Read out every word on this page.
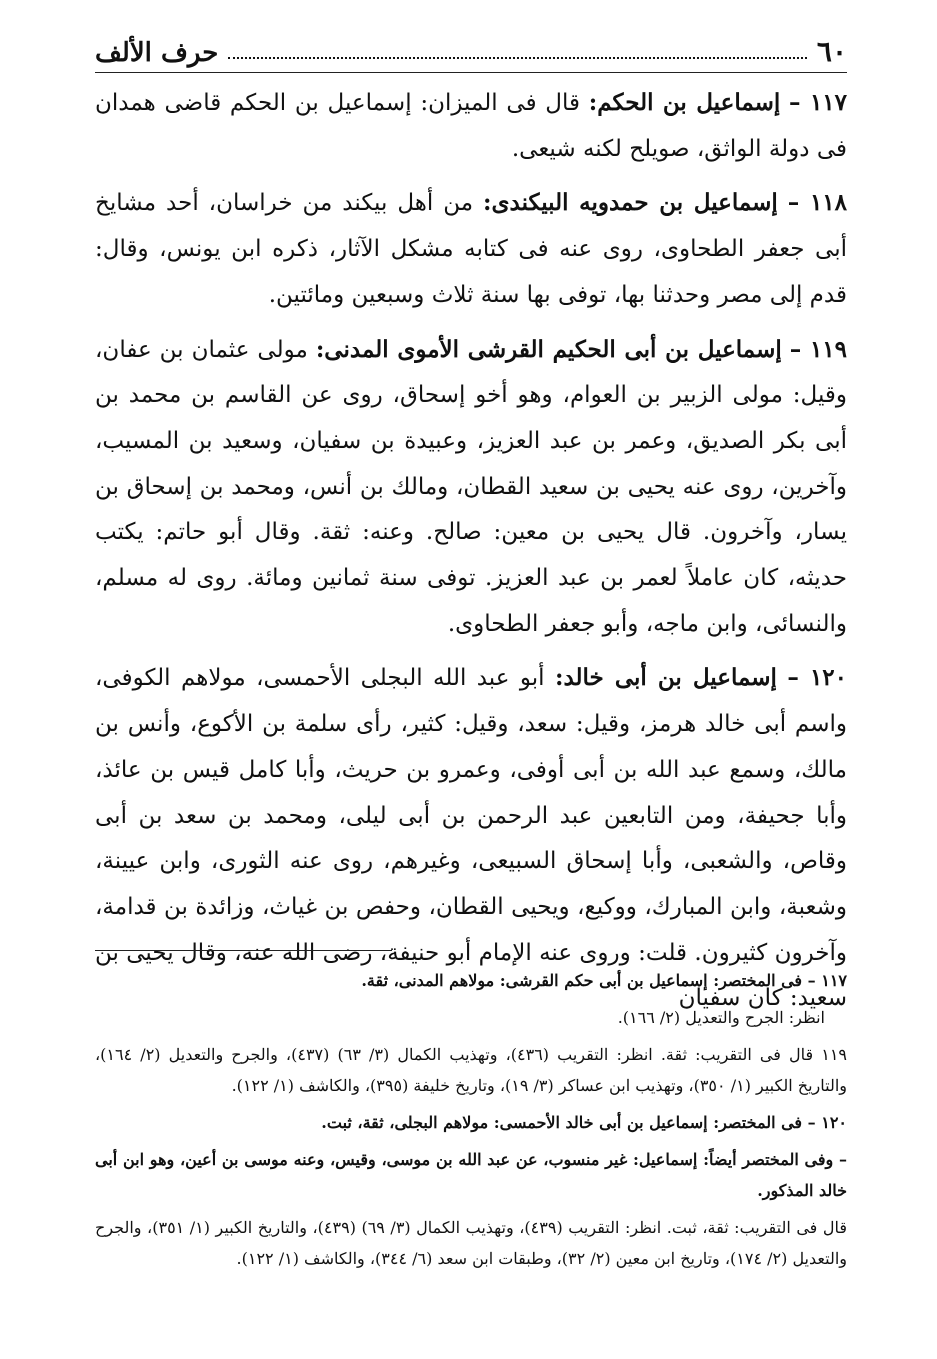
٦٠
حرف الألف

١١٧ – إسماعيل بن الحكم: قال فى الميزان: إسماعيل بن الحكم قاضى همدان فى دولة الواثق، صويلح لكنه شيعى.

١١٨ – إسماعيل بن حمدويه البيكندى: من أهل بيكند من خراسان، أحد مشايخ أبى جعفر الطحاوى، روى عنه فى كتابه مشكل الآثار، ذكره ابن يونس، وقال: قدم إلى مصر وحدثنا بها، توفى بها سنة ثلاث وسبعين ومائتين.

١١٩ – إسماعيل بن أبى الحكيم القرشى الأموى المدنى: مولى عثمان بن عفان، وقيل: مولى الزبير بن العوام، وهو أخو إسحاق، روى عن القاسم بن محمد بن أبى بكر الصديق، وعمر بن عبد العزيز، وعبيدة بن سفيان، وسعيد بن المسيب، وآخرين، روى عنه يحيى بن سعيد القطان، ومالك بن أنس، ومحمد بن إسحاق بن يسار، وآخرون. قال يحيى بن معين: صالح. وعنه: ثقة. وقال أبو حاتم: يكتب حديثه، كان عاملاً لعمر بن عبد العزيز. توفى سنة ثمانين ومائة. روى له مسلم، والنسائى، وابن ماجه، وأبو جعفر الطحاوى.

١٢٠ – إسماعيل بن أبى خالد: أبو عبد الله البجلى الأحمسى، مولاهم الكوفى، واسم أبى خالد هرمز، وقيل: سعد، وقيل: كثير، رأى سلمة بن الأكوع، وأنس بن مالك، وسمع عبد الله بن أبى أوفى، وعمرو بن حريث، وأبا كامل قيس بن عائذ، وأبا جحيفة، ومن التابعين عبد الرحمن بن أبى ليلى، ومحمد بن سعد بن أبى وقاص، والشعبى، وأبا إسحاق السبيعى، وغيرهم، روى عنه الثورى، وابن عيينة، وشعبة، وابن المبارك، ووكيع، ويحيى القطان، وحفص بن غياث، وزائدة بن قدامة، وآخرون كثيرون. قلت: وروى عنه الإمام أبو حنيفة، رضى الله عنه، وقال يحيى بن سعيد: كان سفيان

١١٧ – فى المختصر: إسماعيل بن أبى حكم القرشى: مولاهم المدنى، ثقة.

انظر: الجرح والتعديل (٢/ ١٦٦).

١١٩ قال فى التقريب: ثقة. انظر: التقريب (٤٣٦)، وتهذيب الكمال (٣/ ٦٣) (٤٣٧)، والجرح والتعديل (٢/ ١٦٤)، والتاريخ الكبير (١/ ٣٥٠)، وتهذيب ابن عساكر (٣/ ١٩)، وتاريخ خليفة (٣٩٥)، والكاشف (١/ ١٢٢).

١٢٠ – فى المختصر: إسماعيل بن أبى خالد الأحمسى: مولاهم البجلى، ثقة، ثبت.

– وفى المختصر أيضاً: إسماعيل: غير منسوب، عن عبد الله بن موسى، وقيس، وعنه موسى بن أعين، وهو ابن أبى خالد المذكور.

قال فى التقريب: ثقة، ثبت. انظر: التقريب (٤٣٩)، وتهذيب الكمال (٣/ ٦٩) (٤٣٩)، والتاريخ الكبير (١/ ٣٥١)، والجرح والتعديل (٢/ ١٧٤)، وتاريخ ابن معين (٢/ ٣٢)، وطبقات ابن سعد (٦/ ٣٤٤)، والكاشف (١/ ١٢٢).
